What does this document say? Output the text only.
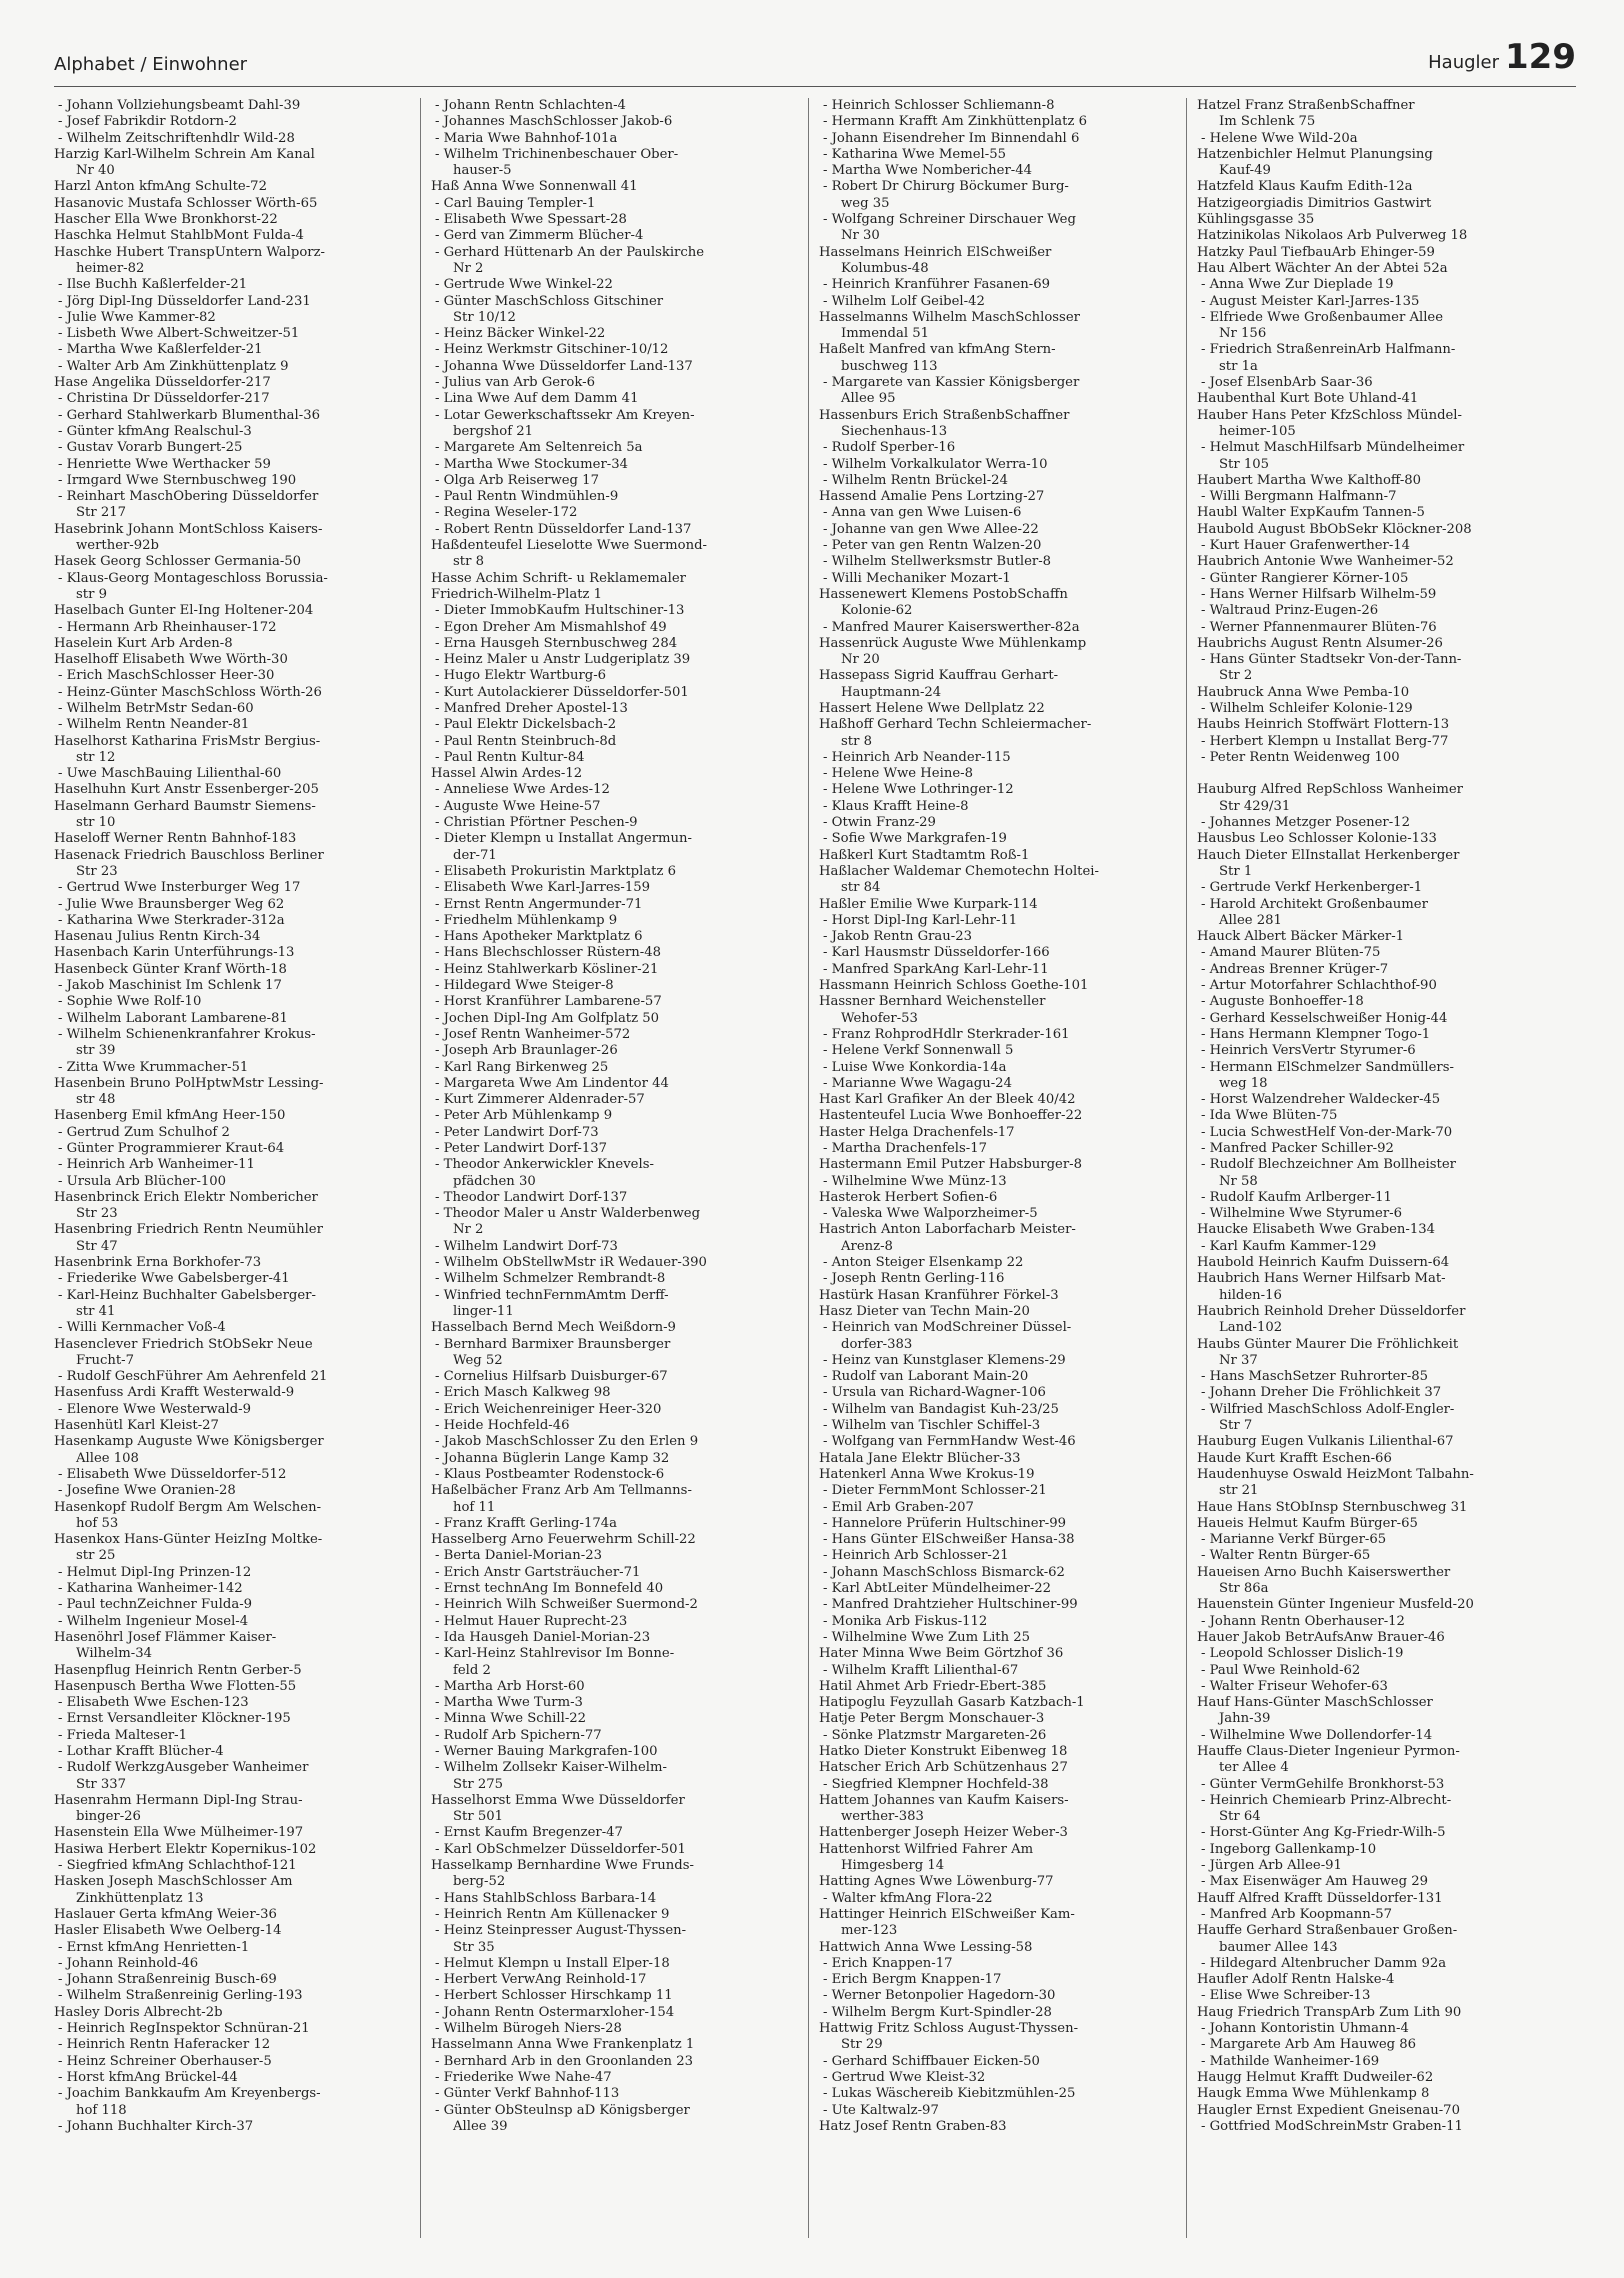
Alphabet / Einwohner	Haugler 129
- Johann Vollziehungsbeamt Dahl-39
- Josef Fabrikdir Rotdorn-2
- Wilhelm Zeitschriftenhdlr Wild-28
Harzig Karl-Wilhelm Schrein Am Kanal
Nr 40
Harzl Anton kfmAng Schulte-72
Hasanovic Mustafa Schlosser Wörth-65
Hascher Ella Wwe Bronkhorst-22
Haschka Helmut StahlbMont Fulda-4
Haschke Hubert TranspUntern Walporz-
heimer-82
- Ilse Buchh Kaßlerfelder-21
- Jörg Dipl-Ing Düsseldorfer Land-231
- Julie Wwe Kammer-82
- Lisbeth Wwe Albert-Schweitzer-51
- Martha Wwe Kaßlerfelder-21
- Walter Arb Am Zinkhüttenplatz 9
Hase Angelika Düsseldorfer-217
- Christina Dr Düsseldorfer-217
- Gerhard Stahlwerkarb Blumenthal-36
- Günter kfmAng Realschul-3
- Gustav Vorarb Bungert-25
- Henriette Wwe Werthacker 59
- Irmgard Wwe Sternbuschweg 190
- Reinhart MaschObering Düsseldorfer
Str 217
Hasebrink Johann MontSchloss Kaisers-
werther-92b
Hasek Georg Schlosser Germania-50
- Klaus-Georg Montageschloss Borussia-
str 9
Haselbach Gunter El-Ing Holtener-204
- Hermann Arb Rheinhauser-172
Haselein Kurt Arb Arden-8
Haselhoff Elisabeth Wwe Wörth-30
- Erich MaschSchlosser Heer-30
- Heinz-Günter MaschSchloss Wörth-26
- Wilhelm BetrMstr Sedan-60
- Wilhelm Rentn Neander-81
Haselhorst Katharina FrisMstr Bergius-
str 12
- Uwe MaschBauing Lilienthal-60
Haselhuhn Kurt Anstr Essenberger-205
Haselmann Gerhard Baumstr Siemens-
str 10
Haseloff Werner Rentn Bahnhof-183
Hasenack Friedrich Bauschloss Berliner
Str 23
- Gertrud Wwe Insterburger Weg 17
- Julie Wwe Braunsberger Weg 62
- Katharina Wwe Sterkrader-312a
Hasenau Julius Rentn Kirch-34
Hasenbach Karin Unterführungs-13
Hasenbeck Günter Kranf Wörth-18
- Jakob Maschinist Im Schlenk 17
- Sophie Wwe Rolf-10
- Wilhelm Laborant Lambarene-81
- Wilhelm Schienenkranfahrer Krokus-
str 39
- Zitta Wwe Krummacher-51
Hasenbein Bruno PolHptwMstr Lessing-
str 48
Hasenberg Emil kfmAng Heer-150
- Gertrud Zum Schulhof 2
- Günter Programmierer Kraut-64
- Heinrich Arb Wanheimer-11
- Ursula Arb Blücher-100
Hasenbrinck Erich Elektr Nombericher
Str 23
Hasenbring Friedrich Rentn Neumühler
Str 47
Hasenbrink Erna Borkhofer-73
- Friederike Wwe Gabelsberger-41
- Karl-Heinz Buchhalter Gabelsberger-
str 41
- Willi Kernmacher Voß-4
Hasenclever Friedrich StObSekr Neue
Frucht-7
- Rudolf GeschFührer Am Aehrenfeld 21
Hasenfuss Ardi Krafft Westerwald-9
- Elenore Wwe Westerwald-9
Hasenhütl Karl Kleist-27
Hasenkamp Auguste Wwe Königsberger
Allee 108
- Elisabeth Wwe Düsseldorfer-512
- Josefine Wwe Oranien-28
Hasenkopf Rudolf Bergm Am Welschen-
hof 53
Hasenkox Hans-Günter HeizIng Moltke-
str 25
- Helmut Dipl-Ing Prinzen-12
- Katharina Wanheimer-142
- Paul technZeichner Fulda-9
- Wilhelm Ingenieur Mosel-4
Hasenöhrl Josef Flämmer Kaiser-
Wilhelm-34
Hasenpflug Heinrich Rentn Gerber-5
Hasenpusch Bertha Wwe Flotten-55
- Elisabeth Wwe Eschen-123
- Ernst Versandleiter Klöckner-195
- Frieda Malteser-1
- Lothar Krafft Blücher-4
- Rudolf WerkzgAusgeber Wanheimer
Str 337
Hasenrahm Hermann Dipl-Ing Strau-
binger-26
Hasenstein Ella Wwe Mülheimer-197
Hasiwa Herbert Elektr Kopernikus-102
- Siegfried kfmAng Schlachthof-121
Hasken Joseph MaschSchlosser Am
Zinkhüttenplatz 13
Haslauer Gerta kfmAng Weier-36
Hasler Elisabeth Wwe Oelberg-14
- Ernst kfmAng Henrietten-1
- Johann Reinhold-46
- Johann Straßenreinig Busch-69
- Wilhelm Straßenreinig Gerling-193
Hasley Doris Albrecht-2b
- Heinrich RegInspektor Schnüran-21
- Heinrich Rentn Haferacker 12
- Heinz Schreiner Oberhauser-5
- Horst kfmAng Brückel-44
- Joachim Bankkaufm Am Kreyenbergs-
hof 118
- Johann Buchhalter Kirch-37
- Johann Rentn Schlachten-4
- Johannes MaschSchlosser Jakob-6
- Maria Wwe Bahnhof-101a
- Wilhelm Trichinenbeschauer Ober-
hauser-5
Haß Anna Wwe Sonnenwall 41
- Carl Bauing Templer-1
- Elisabeth Wwe Spessart-28
- Gerd van Zimmerm Blücher-4
- Gerhard Hüttenarb An der Paulskirche
Nr 2
- Gertrude Wwe Winkel-22
- Günter MaschSchloss Gitschiner
Str 10/12
- Heinz Bäcker Winkel-22
- Heinz Werkmstr Gitschiner-10/12
- Johanna Wwe Düsseldorfer Land-137
- Julius van Arb Gerok-6
- Lina Wwe Auf dem Damm 41
- Lotar Gewerkschaftssekr Am Kreyen-
bergshof 21
- Margarete Am Seltenreich 5a
- Martha Wwe Stockumer-34
- Olga Arb Reiserweg 17
- Paul Rentn Windmühlen-9
- Regina Weseler-172
- Robert Rentn Düsseldorfer Land-137
Haßdenteufel Lieselotte Wwe Suermond-
str 8
Hasse Achim Schrift- u Reklamemaler
Friedrich-Wilhelm-Platz 1
- Dieter ImmobKaufm Hultschiner-13
- Egon Dreher Am Mismahlshof 49
- Erna Hausgeh Sternbuschweg 284
- Heinz Maler u Anstr Ludgeriplatz 39
- Hugo Elektr Wartburg-6
- Kurt Autolackierer Düsseldorfer-501
- Manfred Dreher Apostel-13
- Paul Elektr Dickelsbach-2
- Paul Rentn Steinbruch-8d
- Paul Rentn Kultur-84
Hassel Alwin Ardes-12
- Anneliese Wwe Ardes-12
- Auguste Wwe Heine-57
- Christian Pförtner Peschen-9
- Dieter Klempn u Installat Angermun-
der-71
- Elisabeth Prokuristin Marktplatz 6
- Elisabeth Wwe Karl-Jarres-159
- Ernst Rentn Angermunder-71
- Friedhelm Mühlenkamp 9
- Hans Apotheker Marktplatz 6
- Hans Blechschlosser Rüstern-48
- Heinz Stahlwerkarb Kösliner-21
- Hildegard Wwe Steiger-8
- Horst Kranführer Lambarene-57
- Jochen Dipl-Ing Am Golfplatz 50
- Josef Rentn Wanheimer-572
- Joseph Arb Braunlager-26
- Karl Rang Birkenweg 25
- Margareta Wwe Am Lindentor 44
- Kurt Zimmerer Aldenrader-57
- Peter Arb Mühlenkamp 9
- Peter Landwirt Dorf-73
- Peter Landwirt Dorf-137
- Theodor Ankerwickler Knevels-
pfädchen 30
- Theodor Landwirt Dorf-137
- Theodor Maler u Anstr Walderbenweg
Nr 2
- Wilhelm Landwirt Dorf-73
- Wilhelm ObStellwMstr iR Wedauer-390
- Wilhelm Schmelzer Rembrandt-8
- Winfried technFernmAmtm Derff-
linger-11
Hasselbach Bernd Mech Weißdorn-9
- Bernhard Barmixer Braunsberger
Weg 52
- Cornelius Hilfsarb Duisburger-67
- Erich Masch Kalkweg 98
- Erich Weichenreiniger Heer-320
- Heide Hochfeld-46
- Jakob MaschSchlosser Zu den Erlen 9
- Johanna Büglerin Lange Kamp 32
- Klaus Postbeamter Rodenstock-6
Haßelbächer Franz Arb Am Tellmanns-
hof 11
- Franz Krafft Gerling-174a
Hasselberg Arno Feuerwehrm Schill-22
- Berta Daniel-Morian-23
- Erich Anstr Gartsträucher-71
- Ernst technAng Im Bonnefeld 40
- Heinrich Wilh Schweißer Suermond-2
- Helmut Hauer Ruprecht-23
- Ida Hausgeh Daniel-Morian-23
- Karl-Heinz Stahlrevisor Im Bonne-
feld 2
- Martha Arb Horst-60
- Martha Wwe Turm-3
- Minna Wwe Schill-22
- Rudolf Arb Spichern-77
- Werner Bauing Markgrafen-100
- Wilhelm Zollsekr Kaiser-Wilhelm-
Str 275
Hasselhorst Emma Wwe Düsseldorfer
Str 501
- Ernst Kaufm Bregenzer-47
- Karl ObSchmelzer Düsseldorfer-501
Hasselkamp Bernhardine Wwe Frunds-
berg-52
- Hans StahlbSchloss Barbara-14
- Heinrich Rentn Am Küllenacker 9
- Heinz Steinpresser August-Thyssen-
Str 35
- Helmut Klempn u Install Elper-18
- Herbert VerwAng Reinhold-17
- Herbert Schlosser Hirschkamp 11
- Johann Rentn Ostermarxloher-154
- Wilhelm Bürogeh Niers-28
Hasselmann Anna Wwe Frankenplatz 1
- Bernhard Arb in den Groonlanden 23
- Friederike Wwe Nahe-47
- Günter Verkf Bahnhof-113
- Günter ObSteulnsp aD Königsberger
Allee 39
- Heinrich Schlosser Schliemann-8
- Hermann Krafft Am Zinkhüttenplatz 6
- Johann Eisendreher Im Binnendahl 6
- Katharina Wwe Memel-55
- Martha Wwe Nombericher-44
- Robert Dr Chirurg Böckumer Burg-
weg 35
- Wolfgang Schreiner Dirschauer Weg
Nr 30
Hasselmans Heinrich ElSchweißer
Kolumbus-48
- Heinrich Kranführer Fasanen-69
- Wilhelm Lolf Geibel-42
Hasselmanns Wilhelm MaschSchlosser
Immendal 51
Haßelt Manfred van kfmAng Stern-
buschweg 113
- Margarete van Kassier Königsberger
Allee 95
Hassenburs Erich StraßenbSchaffner
Siechenhaus-13
- Rudolf Sperber-16
- Wilhelm Vorkalkulator Werra-10
- Wilhelm Rentn Brückel-24
Hassend Amalie Pens Lortzing-27
- Anna van gen Wwe Luisen-6
- Johanne van gen Wwe Allee-22
- Peter van gen Rentn Walzen-20
- Wilhelm Stellwerksmstr Butler-8
- Willi Mechaniker Mozart-1
Hassenewert Klemens PostobSchaffn
Kolonie-62
- Manfred Maurer Kaiserswerther-82a
Hassenrück Auguste Wwe Mühlenkamp
Nr 20
Hassepass Sigrid Kauffrau Gerhart-
Hauptmann-24
Hassert Helene Wwe Dellplatz 22
Haßhoff Gerhard Techn Schleiermacher-
str 8
- Heinrich Arb Neander-115
- Helene Wwe Heine-8
- Helene Wwe Lothringer-12
- Klaus Krafft Heine-8
- Otwin Franz-29
- Sofie Wwe Markgrafen-19
Haßkerl Kurt Stadtamtm Roß-1
Haßlacher Waldemar Chemotechn Holtei-
str 84
Haßler Emilie Wwe Kurpark-114
- Horst Dipl-Ing Karl-Lehr-11
- Jakob Rentn Grau-23
- Karl Hausmstr Düsseldorfer-166
- Manfred SparkAng Karl-Lehr-11
Hassmann Heinrich Schloss Goethe-101
Hassner Bernhard Weichensteller
Wehofer-53
- Franz RohprodHdlr Sterkrader-161
- Helene Verkf Sonnenwall 5
- Luise Wwe Konkordia-14a
- Marianne Wwe Wagagu-24
Hast Karl Grafiker An der Bleek 40/42
Hastenteufel Lucia Wwe Bonhoeffer-22
Haster Helga Drachenfels-17
- Martha Drachenfels-17
Hastermann Emil Putzer Habsburger-8
- Wilhelmine Wwe Münz-13
Hasterok Herbert Sofien-6
- Valeska Wwe Walporzheimer-5
Hastrich Anton Laborfacharb Meister-
Arenz-8
- Anton Steiger Elsenkamp 22
- Joseph Rentn Gerling-116
Hastürk Hasan Kranführer Förkel-3
Hasz Dieter van Techn Main-20
- Heinrich van ModSchreiner Düssel-
dorfer-383
- Heinz van Kunstglaser Klemens-29
- Rudolf van Laborant Main-20
- Ursula van Richard-Wagner-106
- Wilhelm van Bandagist Kuh-23/25
- Wilhelm van Tischler Schiffel-3
- Wolfgang van FernmHandw West-46
Hatala Jane Elektr Blücher-33
Hatenkerl Anna Wwe Krokus-19
- Dieter FernmMont Schlosser-21
- Emil Arb Graben-207
- Hannelore Prüferin Hultschiner-99
- Hans Günter ElSchweißer Hansa-38
- Heinrich Arb Schlosser-21
- Johann MaschSchloss Bismarck-62
- Karl AbtLeiter Mündelheimer-22
- Manfred Drahtzieher Hultschiner-99
- Monika Arb Fiskus-112
- Wilhelmine Wwe Zum Lith 25
Hater Minna Wwe Beim Görtzhof 36
- Wilhelm Krafft Lilienthal-67
Hatil Ahmet Arb Friedr-Ebert-385
Hatipoglu Feyzullah Gasarb Katzbach-1
Hatje Peter Bergm Monschauer-3
- Sönke Platzmstr Margareten-26
Hatko Dieter Konstrukt Eibenweg 18
Hatscher Erich Arb Schützenhaus 27
- Siegfried Klempner Hochfeld-38
Hattem Johannes van Kaufm Kaisers-
werther-383
Hattenberger Joseph Heizer Weber-3
Hattenhorst Wilfried Fahrer Am
Himgesberg 14
Hatting Agnes Wwe Löwenburg-77
- Walter kfmAng Flora-22
Hattinger Heinrich ElSchweißer Kam-
mer-123
Hattwich Anna Wwe Lessing-58
- Erich Knappen-17
- Erich Bergm Knappen-17
- Werner Betonpolier Hagedorn-30
- Wilhelm Bergm Kurt-Spindler-28
Hattwig Fritz Schloss August-Thyssen-
Str 29
- Gerhard Schiffbauer Eicken-50
- Gertrud Wwe Kleist-32
- Lukas Wäschereib Kiebitzmühlen-25
- Ute Kaltwalz-97
Hatz Josef Rentn Graben-83
Hatzel Franz StraßenbSchaffner
Im Schlenk 75
- Helene Wwe Wild-20a
Hatzenbichler Helmut Planungsing
Kauf-49
Hatzfeld Klaus Kaufm Edith-12a
Hatzigeorgiadis Dimitrios Gastwirt
Kühlingsgasse 35
Hatzinikolas Nikolaos Arb Pulverweg 18
Hatzky Paul TiefbauArb Ehinger-59
Hau Albert Wächter An der Abtei 52a
- Anna Wwe Zur Dieplade 19
- August Meister Karl-Jarres-135
- Elfriede Wwe Großenbaumer Allee
Nr 156
- Friedrich StraßenreinArb Halfmann-
str 1a
- Josef ElsenbArb Saar-36
Haubenthal Kurt Bote Uhland-41
Hauber Hans Peter KfzSchloss Mündel-
heimer-105
- Helmut MaschHilfsarb Mündelheimer
Str 105
Haubert Martha Wwe Kalthoff-80
- Willi Bergmann Halfmann-7
Haubl Walter ExpKaufm Tannen-5
Haubold August BbObSekr Klöckner-208
- Kurt Hauer Grafenwerther-14
Haubrich Antonie Wwe Wanheimer-52
- Günter Rangierer Körner-105
- Hans Werner Hilfsarb Wilhelm-59
- Waltraud Prinz-Eugen-26
- Werner Pfannenmaurer Blüten-76
Haubrichs August Rentn Alsumer-26
- Hans Günter Stadtsekr Von-der-Tann-
Str 2
Haubruck Anna Wwe Pemba-10
- Wilhelm Schleifer Kolonie-129
Haubs Heinrich Stoffwärt Flottern-13
- Herbert Klempn u Installat Berg-77
- Peter Rentn Weidenweg 100

Hauburg Alfred RepSchloss Wanheimer
Str 429/31
- Johannes Metzger Posener-12
Hausbus Leo Schlosser Kolonie-133
Hauch Dieter ElInstallat Herkenberger
Str 1
- Gertrude Verkf Herkenberger-1
- Harold Architekt Großenbaumer
Allee 281
Hauck Albert Bäcker Märker-1
- Amand Maurer Blüten-75
- Andreas Brenner Krüger-7
- Artur Motorfahrer Schlachthof-90
- Auguste Bonhoeffer-18
- Gerhard Kesselschweißer Honig-44
- Hans Hermann Klempner Togo-1
- Heinrich VersVertr Styrumer-6
- Hermann ElSchmelzer Sandmüllers-
weg 18
- Horst Walzendreher Waldecker-45
- Ida Wwe Blüten-75
- Lucia SchwestHelf Von-der-Mark-70
- Manfred Packer Schiller-92
- Rudolf Blechzeichner Am Bollheister
Nr 58
- Rudolf Kaufm Arlberger-11
- Wilhelmine Wwe Styrumer-6
Haucke Elisabeth Wwe Graben-134
- Karl Kaufm Kammer-129
Haubold Heinrich Kaufm Duissern-64
Haubrich Hans Werner Hilfsarb Mat-
hilden-16
Haubrich Reinhold Dreher Düsseldorfer
Land-102
Haubs Günter Maurer Die Fröhlichkeit
Nr 37
- Hans MaschSetzer Ruhrorter-85
- Johann Dreher Die Fröhlichkeit 37
- Wilfried MaschSchloss Adolf-Engler-
Str 7
Hauburg Eugen Vulkanis Lilienthal-67
Haude Kurt Krafft Eschen-66
Haudenhuyse Oswald HeizMont Talbahn-
str 21
Haue Hans StObInsp Sternbuschweg 31
Haueis Helmut Kaufm Bürger-65
- Marianne Verkf Bürger-65
- Walter Rentn Bürger-65
Haueisen Arno Buchh Kaiserswerther
Str 86a
Hauenstein Günter Ingenieur Musfeld-20
- Johann Rentn Oberhauser-12
Hauer Jakob BetrAufsAnw Brauer-46
- Leopold Schlosser Dislich-19
- Paul Wwe Reinhold-62
- Walter Friseur Wehofer-63
Hauf Hans-Günter MaschSchlosser
Jahn-39
- Wilhelmine Wwe Dollendorfer-14
Hauffe Claus-Dieter Ingenieur Pyrmon-
ter Allee 4
- Günter VermGehilfe Bronkhorst-53
- Heinrich Chemiearb Prinz-Albrecht-
Str 64
- Horst-Günter Ang Kg-Friedr-Wilh-5
- Ingeborg Gallenkamp-10
- Jürgen Arb Allee-91
- Max Eisenwäger Am Hauweg 29
Hauff Alfred Krafft Düsseldorfer-131
- Manfred Arb Koopmann-57
Hauffe Gerhard Straßenbauer Großen-
baumer Allee 143
- Hildegard Altenbrucher Damm 92a
Haufler Adolf Rentn Halske-4
- Elise Wwe Schreiber-13
Haug Friedrich TranspArb Zum Lith 90
- Johann Kontoristin Uhmann-4
- Margarete Arb Am Hauweg 86
- Mathilde Wanheimer-169
Haugg Helmut Krafft Dudweiler-62
Haugk Emma Wwe Mühlenkamp 8
Haugler Ernst Expedient Gneisenau-70
- Gottfried ModSchreinMstr Graben-11
